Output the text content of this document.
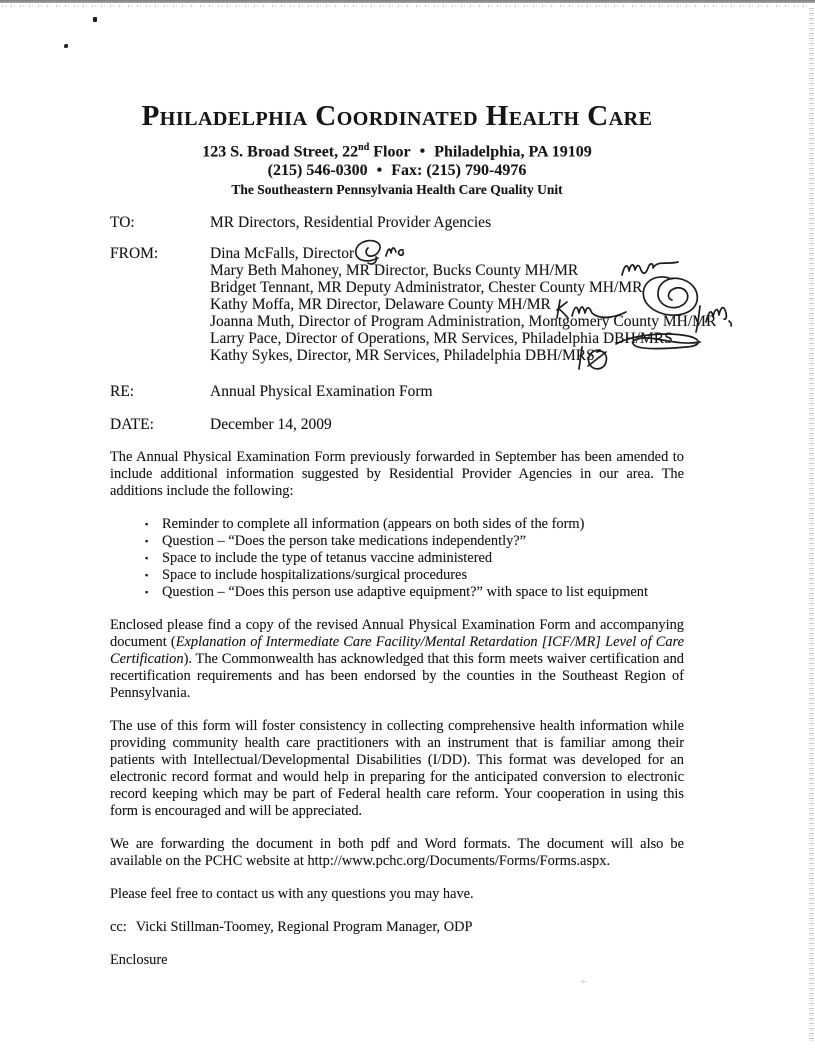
+
Philadelphia Coordinated Health Care
123 S. Broad Street, 22nd Floor • Philadelphia, PA 19109
(215) 546-0300 • Fax: (215) 790-4976
The Southeastern Pennsylvania Health Care Quality Unit
TO:	MR Directors, Residential Provider Agencies
FROM:	Dina McFalls, Director
Mary Beth Mahoney, MR Director, Bucks County MH/MR
Bridget Tennant, MR Deputy Administrator, Chester County MH/MR
Kathy Moffa, MR Director, Delaware County MH/MR
Joanna Muth, Director of Program Administration, Montgomery County MH/MR
Larry Pace, Director of Operations, MR Services, Philadelphia DBH/MRS
Kathy Sykes, Director, MR Services, Philadelphia DBH/MRS
RE:	Annual Physical Examination Form
DATE:	December 14, 2009

The Annual Physical Examination Form previously forwarded in September has been amended to include additional information suggested by Residential Provider Agencies in our area. The additions include the following:

▪ Reminder to complete all information (appears on both sides of the form)
▪ Question – “Does the person take medications independently?”
▪ Space to include the type of tetanus vaccine administered
▪ Space to include hospitalizations/surgical procedures
▪ Question – “Does this person use adaptive equipment?” with space to list equipment

Enclosed please find a copy of the revised Annual Physical Examination Form and accompanying document (Explanation of Intermediate Care Facility/Mental Retardation [ICF/MR] Level of Care Certification). The Commonwealth has acknowledged that this form meets waiver certification and recertification requirements and has been endorsed by the counties in the Southeast Region of Pennsylvania.

The use of this form will foster consistency in collecting comprehensive health information while providing community health care practitioners with an instrument that is familiar among their patients with Intellectual/Developmental Disabilities (I/DD). This format was developed for an electronic record format and would help in preparing for the anticipated conversion to electronic record keeping which may be part of Federal health care reform. Your cooperation in using this form is encouraged and will be appreciated.

We are forwarding the document in both pdf and Word formats. The document will also be available on the PCHC website at http://www.pchc.org/Documents/Forms/Forms.aspx.

Please feel free to contact us with any questions you may have.

cc: Vicki Stillman-Toomey, Regional Program Manager, ODP

Enclosure
